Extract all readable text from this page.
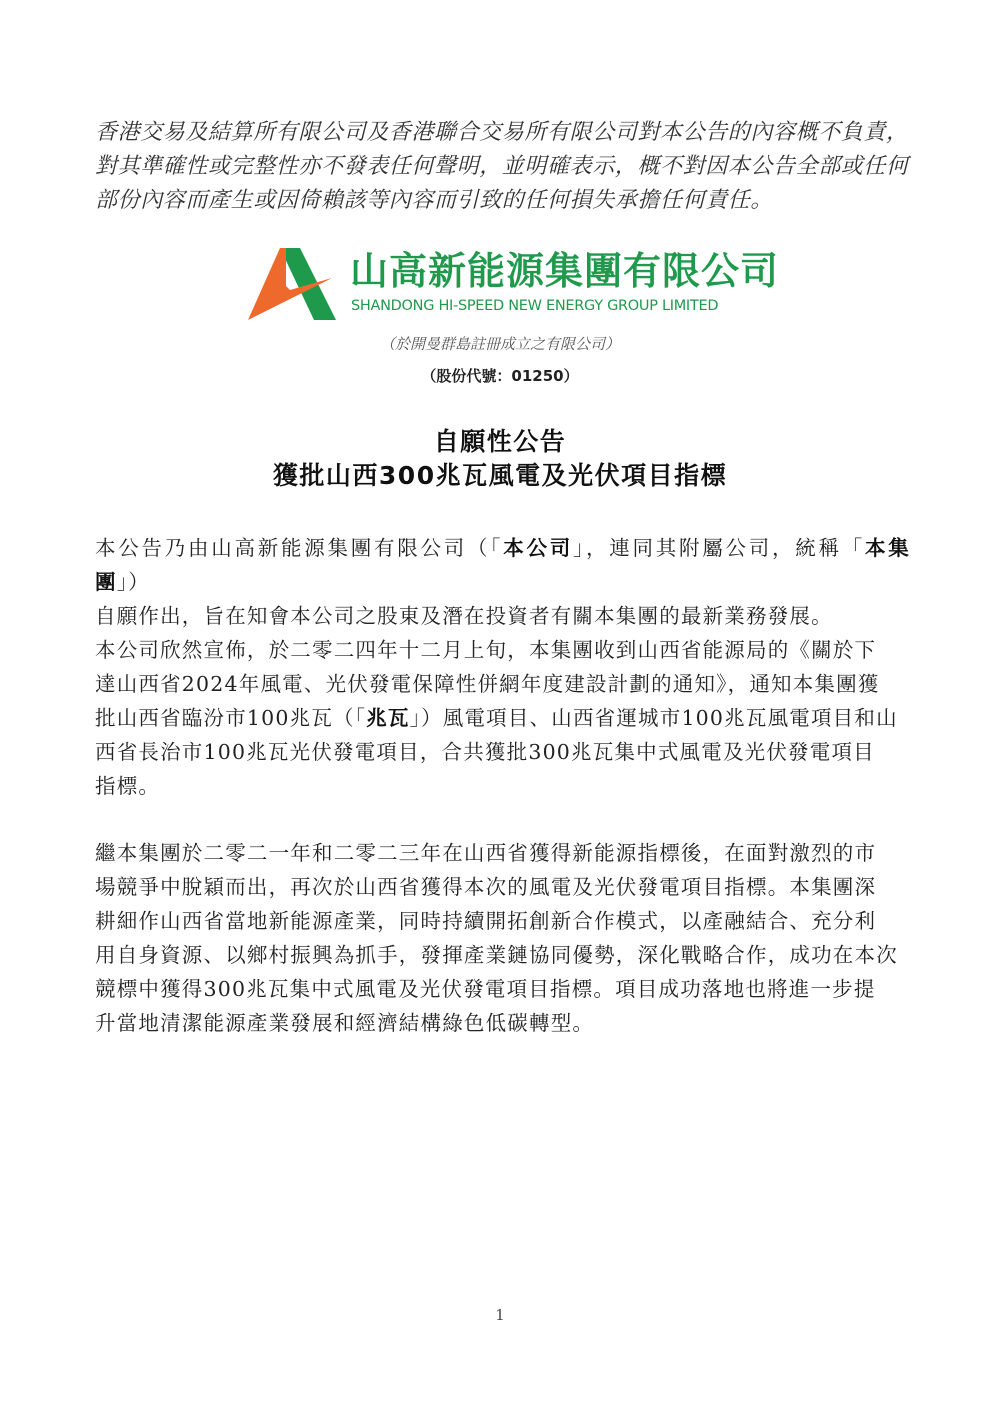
香港交易及結算所有限公司及香港聯合交易所有限公司對本公告的內容概不負責，

對其準確性或完整性亦不發表任何聲明，並明確表示，概不對因本公告全部或任何

部份內容而產生或因倚賴該等內容而引致的任何損失承擔任何責任。

山高新能源集團有限公司
SHANDONG HI-SPEED NEW ENERGY GROUP LIMITED
（於開曼群島註冊成立之有限公司）
（股份代號：01250）

自願性公告

獲批山西300兆瓦風電及光伏項目指標

本公告乃由山高新能源集團有限公司（「本公司」，連同其附屬公司，統稱「本集團」）

自願作出，旨在知會本公司之股東及潛在投資者有關本集團的最新業務發展。

本公司欣然宣佈，於二零二四年十二月上旬，本集團收到山西省能源局的《關於下

達山西省2024年風電、光伏發電保障性併網年度建設計劃的通知》，通知本集團獲

批山西省臨汾市100兆瓦（「兆瓦」）風電項目、山西省運城市100兆瓦風電項目和山

西省長治市100兆瓦光伏發電項目，合共獲批300兆瓦集中式風電及光伏發電項目

指標。

繼本集團於二零二一年和二零二三年在山西省獲得新能源指標後，在面對激烈的市

場競爭中脫穎而出，再次於山西省獲得本次的風電及光伏發電項目指標。本集團深

耕細作山西省當地新能源產業，同時持續開拓創新合作模式，以產融結合、充分利

用自身資源、以鄉村振興為抓手，發揮產業鏈協同優勢，深化戰略合作，成功在本次

競標中獲得300兆瓦集中式風電及光伏發電項目指標。項目成功落地也將進一步提

升當地清潔能源產業發展和經濟結構綠色低碳轉型。

1
